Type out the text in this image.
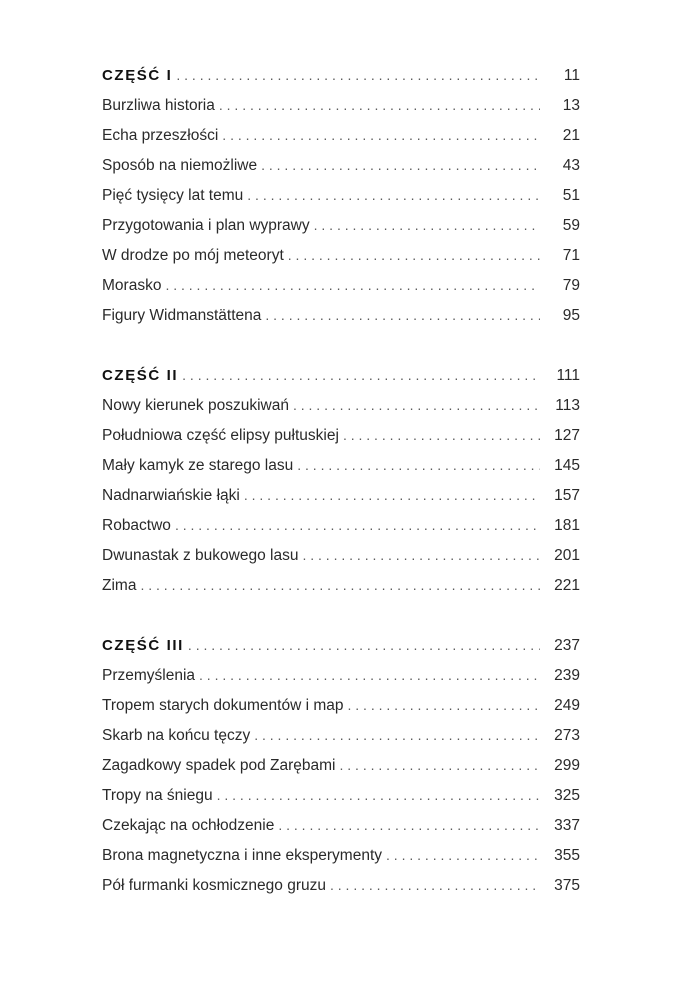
CZĘŚĆ I . . .	11
Burzliwa historia . . .	13
Echa przeszłości . . .	21
Sposób na niemożliwe . . .	43
Pięć tysięcy lat temu . . .	51
Przygotowania i plan wyprawy . . .	59
W drodze po mój meteoryt . . .	71
Morasko . . .	79
Figury Widmanstättena . . .	95
CZĘŚĆ II . . .	111
Nowy kierunek poszukiwań . . .	113
Południowa część elipsy pułtuskiej . . .	127
Mały kamyk ze starego lasu . . .	145
Nadnarwiańskie łąki . . .	157
Robactwo . . .	181
Dwunastak z bukowego lasu . . .	201
Zima . . .	221
CZĘŚĆ III . . .	237
Przemyślenia . . .	239
Tropem starych dokumentów i map . . .	249
Skarb na końcu tęczy . . .	273
Zagadkowy spadek pod Zarębami . . .	299
Tropy na śniegu . . .	325
Czekając na ochłodzenie . . .	337
Brona magnetyczna i inne eksperymenty . . .	355
Pół furmanki kosmicznego gruzu . . .	375
